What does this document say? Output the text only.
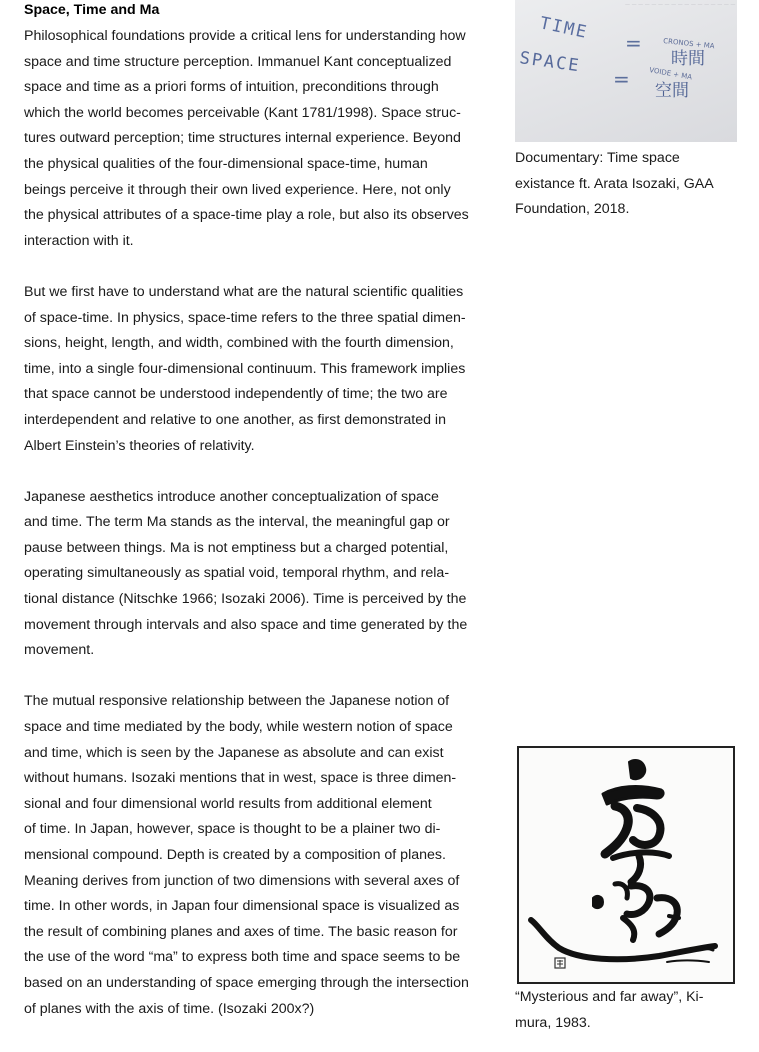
Space, Time and Ma

Philosophical foundations provide a critical lens for understanding how
space and time structure perception. Immanuel Kant conceptualized
space and time as a priori forms of intuition, preconditions through
which the world becomes perceivable (Kant 1781/1998). Space struc-
tures outward perception; time structures internal experience. Beyond
the physical qualities of the four-dimensional space-time, human
beings perceive it through their own lived experience. Here, not only
the physical attributes of a space-time play a role, but also its observes
interaction with it.

But we first have to understand what are the natural scientific qualities
of space-time. In physics, space-time refers to the three spatial dimen-
sions, height, length, and width, combined with the fourth dimension,
time, into a single four-dimensional continuum. This framework implies
that space cannot be understood independently of time; the two are
interdependent and relative to one another, as first demonstrated in
Albert Einstein’s theories of relativity.

Japanese aesthetics introduce another conceptualization of space
and time. The term Ma stands as the interval, the meaningful gap or
pause between things. Ma is not emptiness but a charged potential,
operating simultaneously as spatial void, temporal rhythm, and rela-
tional distance (Nitschke 1966; Isozaki 2006). Time is perceived by the
movement through intervals and also space and time generated by the
movement.

The mutual responsive relationship between the Japanese notion of
space and time mediated by the body, while western notion of space
and time, which is seen by the Japanese as absolute and can exist
without humans. Isozaki mentions that in west, space is three dimen-
sional and four dimensional world results from additional element
of time. In Japan, however, space is thought to be a plainer two di-
mensional compound. Depth is created by a composition of planes.
Meaning derives from junction of two dimensions with several axes of
time. In other words, in Japan four dimensional space is visualized as
the result of combining planes and axes of time. The basic reason for
the use of the word “ma” to express both time and space seems to be
based on an understanding of space emerging through the intersection
of planes with the axis of time. (Isozaki 200x?)

— — — — — — — — — — — — — — — — —
TIME =	CRONOS + MA
時間
SPACE
=	VOIDE + MA
空間

Documentary: Time space
existance ft. Arata Isozaki, GAA
Foundation, 2018.

“Mysterious and far away”, Ki-
mura, 1983.
